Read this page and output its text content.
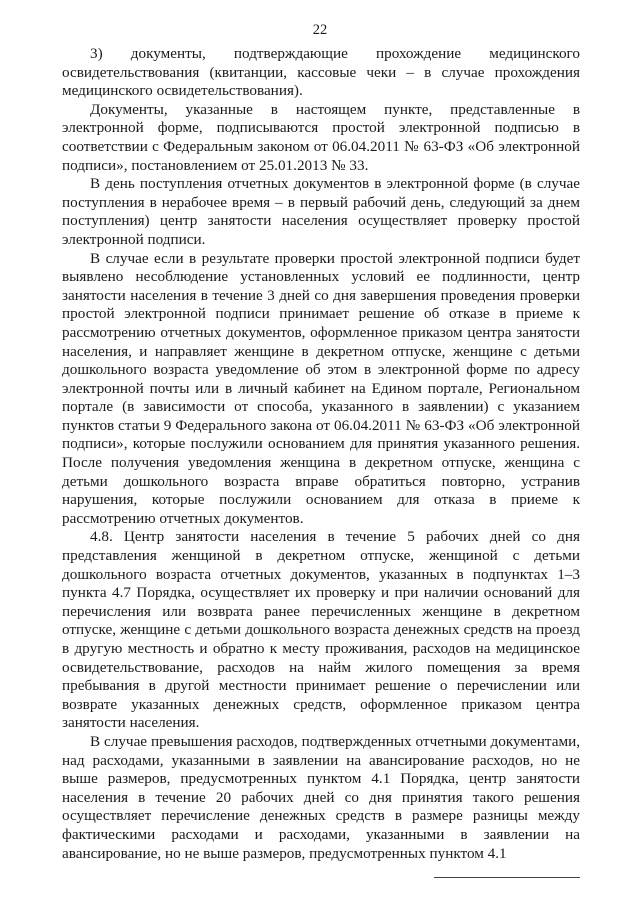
22

3) документы, подтверждающие прохождение медицинского освидетельствования (квитанции, кассовые чеки – в случае прохождения медицинского освидетельствования).

Документы, указанные в настоящем пункте, представленные в электронной форме, подписываются простой электронной подписью в соответствии с Федеральным законом от 06.04.2011 № 63-ФЗ «Об электронной подписи», постановлением от 25.01.2013 № 33.

В день поступления отчетных документов в электронной форме (в случае поступления в нерабочее время – в первый рабочий день, следующий за днем поступления) центр занятости населения осуществляет проверку простой электронной подписи.

В случае если в результате проверки простой электронной подписи будет выявлено несоблюдение установленных условий ее подлинности, центр занятости населения в течение 3 дней со дня завершения проведения проверки простой электронной подписи принимает решение об отказе в приеме к рассмотрению отчетных документов, оформленное приказом центра занятости населения, и направляет женщине в декретном отпуске, женщине с детьми дошкольного возраста уведомление об этом в электронной форме по адресу электронной почты или в личный кабинет на Едином портале, Региональном портале (в зависимости от способа, указанного в заявлении) с указанием пунктов статьи 9 Федерального закона от 06.04.2011 № 63-ФЗ «Об электронной подписи», которые послужили основанием для принятия указанного решения. После получения уведомления женщина в декретном отпуске, женщина с детьми дошкольного возраста вправе обратиться повторно, устранив нарушения, которые послужили основанием для отказа в приеме к рассмотрению отчетных документов.

4.8. Центр занятости населения в течение 5 рабочих дней со дня представления женщиной в декретном отпуске, женщиной с детьми дошкольного возраста отчетных документов, указанных в подпунктах 1–3 пункта 4.7 Порядка, осуществляет их проверку и при наличии оснований для перечисления или возврата ранее перечисленных женщине в декретном отпуске, женщине с детьми дошкольного возраста денежных средств на проезд в другую местность и обратно к месту проживания, расходов на медицинское освидетельствование, расходов на найм жилого помещения за время пребывания в другой местности принимает решение о перечислении или возврате указанных денежных средств, оформленное приказом центра занятости населения.

В случае превышения расходов, подтвержденных отчетными документами, над расходами, указанными в заявлении на авансирование расходов, но не выше размеров, предусмотренных пунктом 4.1 Порядка, центр занятости населения в течение 20 рабочих дней со дня принятия такого решения осуществляет перечисление денежных средств в размере разницы между фактическими расходами и расходами, указанными в заявлении на авансирование, но не выше размеров, предусмотренных пунктом 4.1
